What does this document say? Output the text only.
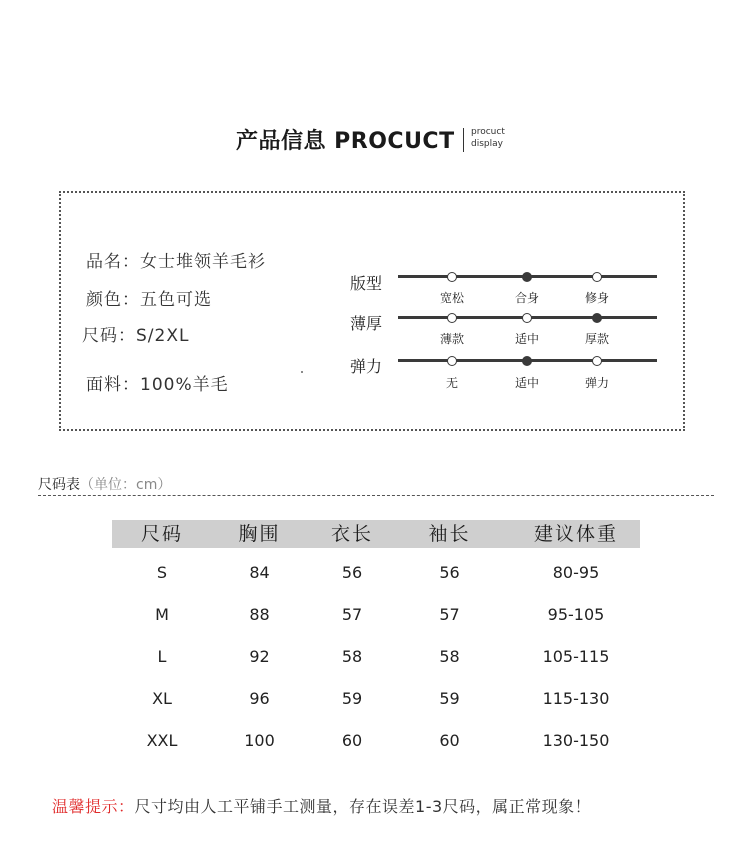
产品信息 PROCUCT procuct
display
品名：女士堆领羊毛衫
颜色：五色可选
尺码：S/2XL
面料：100%羊毛
版型
宽松	合身	修身
薄厚
薄款	适中	厚款
弹力
无	适中	弹力
尺码表（单位：cm）
尺码	胸围	衣长	袖长	建议体重
S	84	56	56	80-95
M	88	57	57	95-105
L	92	58	58	105-115
XL	96	59	59	115-130
XXL	100	60	60	130-150
温馨提示：尺寸均由人工平铺手工测量，存在误差1-3尺码，属正常现象！
